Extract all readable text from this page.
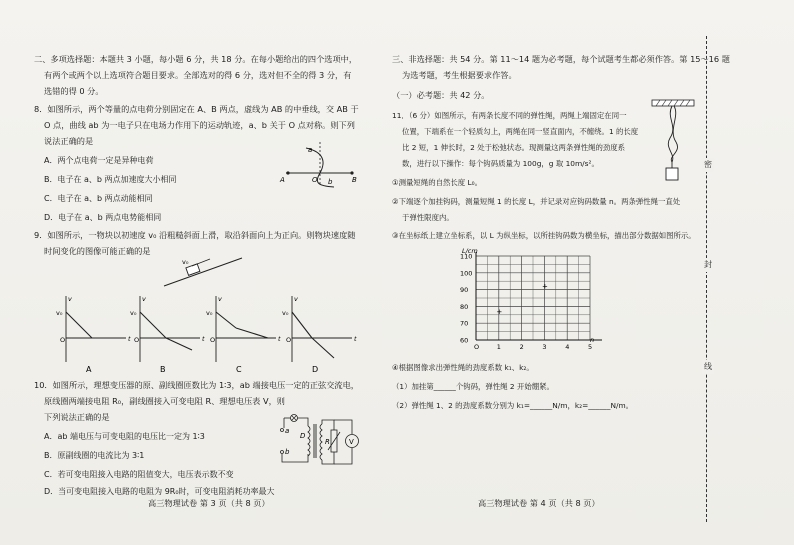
二、多项选择题：本题共 3 小题，每小题 6 分，共 18 分。在每小题给出的四个选项中，
有两个或两个以上选项符合题目要求。全部选对的得 6 分，选对但不全的得 3 分，有
选错的得 0 分。
8．如图所示，两个等量的点电荷分别固定在 A、B 两点，虚线为 AB 的中垂线，交 AB 于
O 点，曲线 ab 为一电子只在电场力作用下的运动轨迹，a、b 关于 O 点对称。则下列
说法正确的是
A．两个点电荷一定是异种电荷
B．电子在 a、b 两点加速度大小相同
C．电子在 a、b 两点动能相同
D．电子在 a、b 两点电势能相同
a
b
A	O	B
9．如图所示，一物块以初速度 v₀ 沿粗糙斜面上滑，取沿斜面向上为正向。则物块速度随
时间变化的图像可能正确的是
v₀
v₀
v
O	t
A
v₀
v
O	t
B
v₀
v
O	t
C
v₀
v
O	t
D
10．如图所示，理想变压器的原、副线圈匝数比为 1∶3，ab 端接电压一定的正弦交流电，
原线圈两端接电阻 R₀，副线圈接入可变电阻 R、理想电压表 V，则
下列说法正确的是
A．ab 端电压与可变电阻的电压比一定为 1∶3
B．原副线圈的电流比为 3∶1
C．若可变电阻接入电路的阻值变大，电压表示数不变
D．当可变电阻接入电路的电阻为 9R₀时，可变电阻消耗功率最大
V
a
b
D
R
高三物理试卷 第 3 页（共 8 页）
三、非选择题：共 54 分。第 11～14 题为必考题，每个试题考生都必须作答。第 15～16 题
为选考题，考生根据要求作答。
（一）必考题：共 42 分。
11．（6 分）如图所示，有两条长度不同的弹性绳，两绳上端固定在同一
位置，下端系在一个轻质勾上，两绳在同一竖直面内，不缠绕。1 的长度
比 2 短，1 伸长时，2 处于松弛状态。现测量这两条弹性绳的劲度系
数，进行以下操作：每个钩码质量为 100g，g 取 10m/s²。
①测量短绳的自然长度 L₀。
②下端逐个加挂钩码，测量短绳 1 的长度 L，并记录对应钩码数量 n。两条弹性绳一直处
于弹性限度内。
③在坐标纸上建立坐标系，以 L 为纵坐标，以所挂钩码数为横坐标，描出部分数据如图所示。
60
70
80
90
100
110
O	1	2	3	4	5
+
+
L/cm
n
④根据图像求出弹性绳的劲度系数 k₁、k₂。
（1）加挂第______个钩码，弹性绳 2 开始绷紧。
（2）弹性绳 1、2 的劲度系数分别为 k₁=______N/m，k₂=______N/m。
高三物理试卷 第 4 页（共 8 页）
密
封
线
